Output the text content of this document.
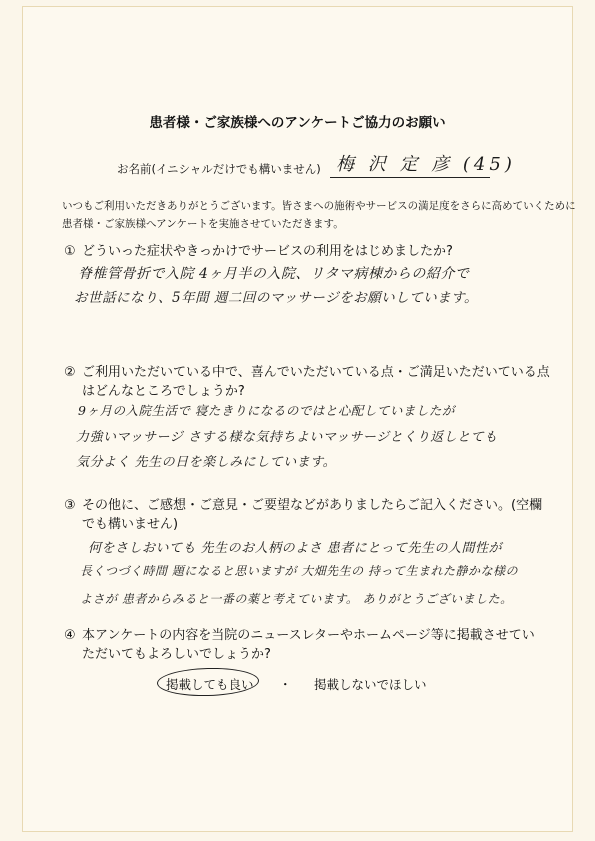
患者様・ご家族様へのアンケートご協力のお願い
お名前(イニシャルだけでも構いません) 梅 沢 定 彦 (45)
いつもご利用いただきありがとうございます。皆さまへの施術やサービスの満足度をさらに高めていくために
患者様・ご家族様へアンケートを実施させていただきます。
① どういった症状やきっかけでサービスの利用をはじめましたか?
脊椎管骨折で入院 4ヶ月半の入院、リタマ病棟からの紹介で
お世話になり、5年間 週二回のマッサージをお願いしています。
② ご利用いただいている中で、喜んでいただいている点・ご満足いただいている点
はどんなところでしょうか?
9ヶ月の入院生活で 寝たきりになるのではと心配していましたが
力強いマッサージ さする様な気持ちよいマッサージとくり返しとても
気分よく 先生の日を楽しみにしています。
③ その他に、ご感想・ご意見・ご要望などがありましたらご記入ください。(空欄
でも構いません)
何をさしおいても 先生のお人柄のよさ 患者にとって先生の人間性が
長くつづく時間 題になると思いますが 大畑先生の 持って生まれた静かな様の
よさが 患者からみると一番の薬と考えています。 ありがとうございました。
④ 本アンケートの内容を当院のニュースレターやホームページ等に掲載させてい
ただいてもよろしいでしょうか?
掲載しても良い ・ 掲載しないでほしい
